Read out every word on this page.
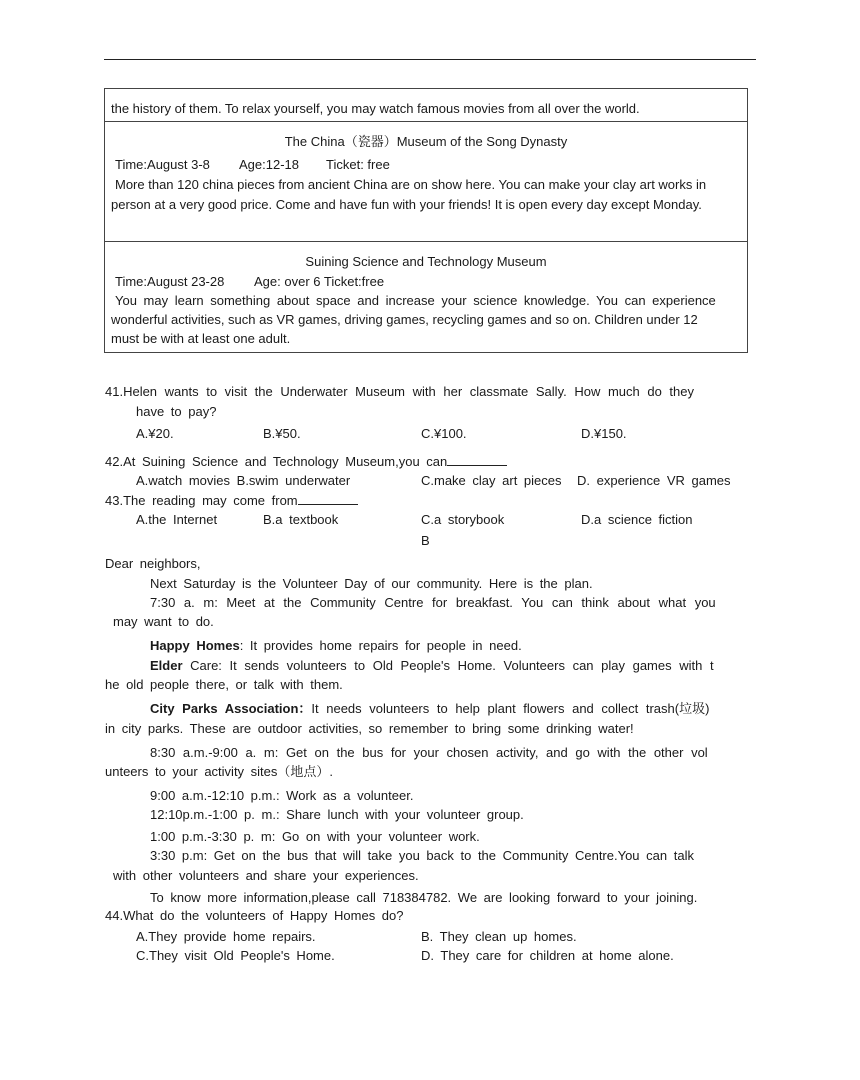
the history of them. To relax yourself, you may watch famous movies from all over the world.
The China（瓷器）Museum of the Song Dynasty
Time:August 3-8 Age:12-18 Ticket: free
More than 120 china pieces from ancient China are on show here. You can make your clay art works in
person at a very good price. Come and have fun with your friends! It is open every day except Monday.
Suining Science and Technology Museum
Time:August 23-28 Age: over 6 Ticket:free
You may learn something about space and increase your science knowledge. You can experience
wonderful activities, such as VR games, driving games, recycling games and so on. Children under 12
must be with at least one adult.
41.Helen wants to visit the Underwater Museum with her classmate Sally. How much do they
have to pay?
A.¥20.	B.¥50.	C.¥100.	D.¥150.
42.At Suining Science and Technology Museum,you can
A.watch movies B.swim underwater	C.make clay art pieces D. experience VR games
43.The reading may come from
A.the Internet	B.a textbook	C.a storybook	D.a science fiction
B
Dear neighbors,
Next Saturday is the Volunteer Day of our community. Here is the plan.
7:30 a. m: Meet at the Community Centre for breakfast. You can think about what you
may want to do.
Happy Homes: It provides home repairs for people in need.
Elder Care: It sends volunteers to Old People's Home. Volunteers can play games with t
he old people there, or talk with them.
City Parks Association：It needs volunteers to help plant flowers and collect trash(垃圾)
in city parks. These are outdoor activities, so remember to bring some drinking water!
8:30 a.m.-9:00 a. m: Get on the bus for your chosen activity, and go with the other vol
unteers to your activity sites（地点）.
9:00 a.m.-12:10 p.m.: Work as a volunteer.
12:10p.m.-1:00 p. m.: Share lunch with your volunteer group.
1:00 p.m.-3:30 p. m: Go on with your volunteer work.
3:30 p.m: Get on the bus that will take you back to the Community Centre.You can talk
with other volunteers and share your experiences.
To know more information,please call 718384782. We are looking forward to your joining.
44.What do the volunteers of Happy Homes do?
A.They provide home repairs.	B. They clean up homes.
C.They visit Old People's Home.	D. They care for children at home alone.
